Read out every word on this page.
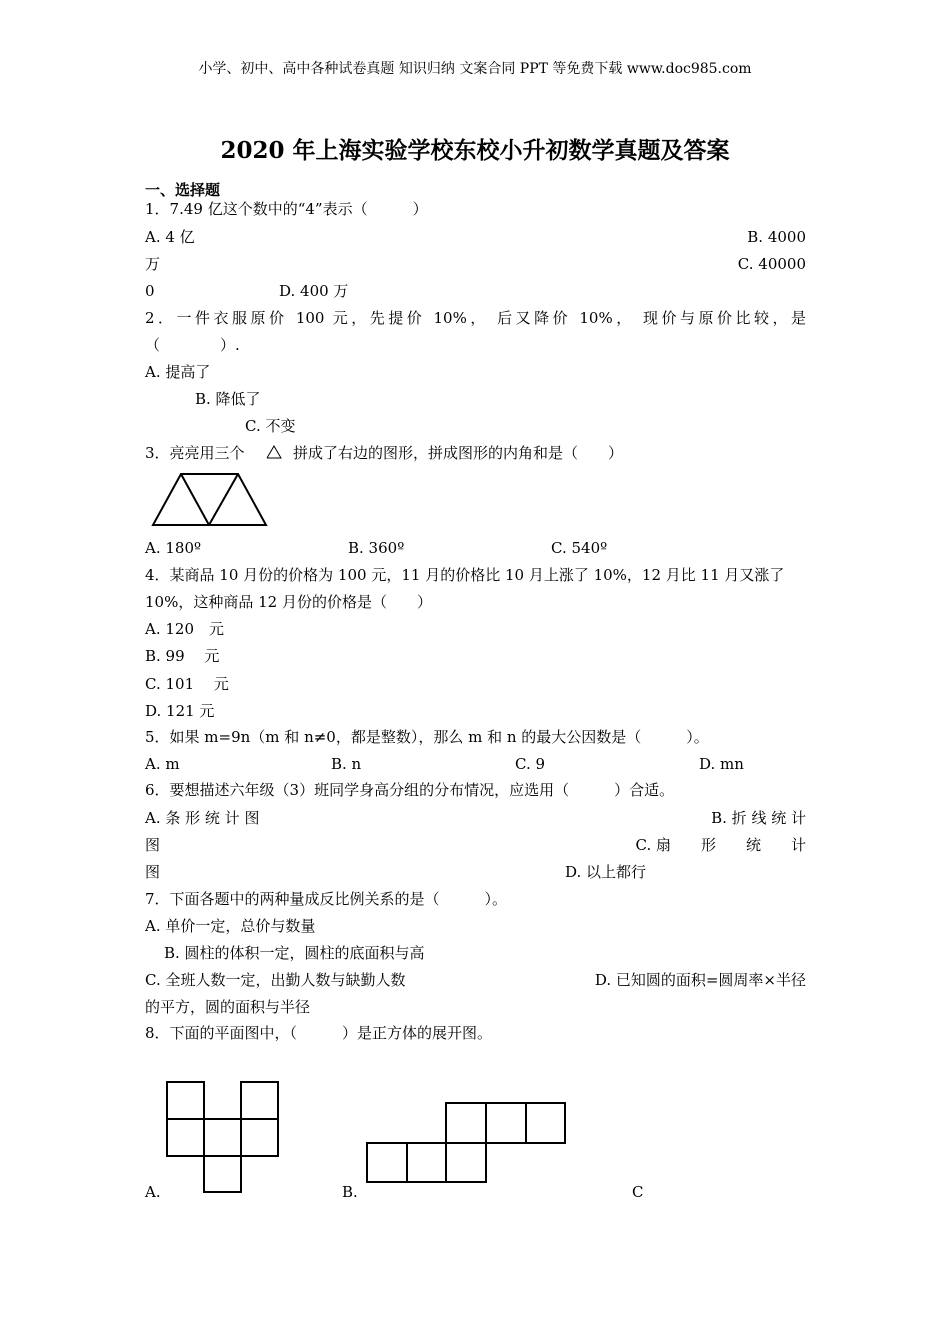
小学、初中、高中各种试卷真题 知识归纳 文案合同 PPT 等免费下载 www.doc985.com
2020 年上海实验学校东校小升初数学真题及答案
一、选择题
1．7.49 亿这个数中的“4”表示（　　　）
A. 4 亿	B. 4000
万	C. 40000
0	D. 400 万
2．一件衣服原价 100 元，先提价 10%， 后又降价 10%， 现价与原价比较，是
（　　　　）.
A. 提高了
B. 降低了
C. 不变
3．亮亮用三个	拼成了右边的图形，拼成图形的内角和是（　　）
A. 180º	B. 360º	C. 540º
4．某商品 10 月份的价格为 100 元，11 月的价格比 10 月上涨了 10%，12 月比 11 月又涨了
10%，这种商品 12 月份的价格是（　　）
A. 120　元
B. 99　 元
C. 101　 元
D. 121 元
5．如果 m=9n（m 和 n≠0，都是整数），那么 m 和 n 的最大公因数是（　　　）。
A. m	B. n	C. 9	D. mn
6．要想描述六年级（3）班同学身高分组的分布情况，应选用（　　　）合适。
A. 条 形 统 计 图	B. 折 线 统 计
图	C. 扇　　形　　统　　计
图	D. 以上都行
7．下面各题中的两种量成反比例关系的是（　　　）。
A. 单价一定，总价与数量
B. 圆柱的体积一定，圆柱的底面积与高
C. 全班人数一定，出勤人数与缺勤人数	D. 已知圆的面积=圆周率×半径
的平方，圆的面积与半径
8．下面的平面图中，（　　　）是正方体的展开图。
A.	B.	C
